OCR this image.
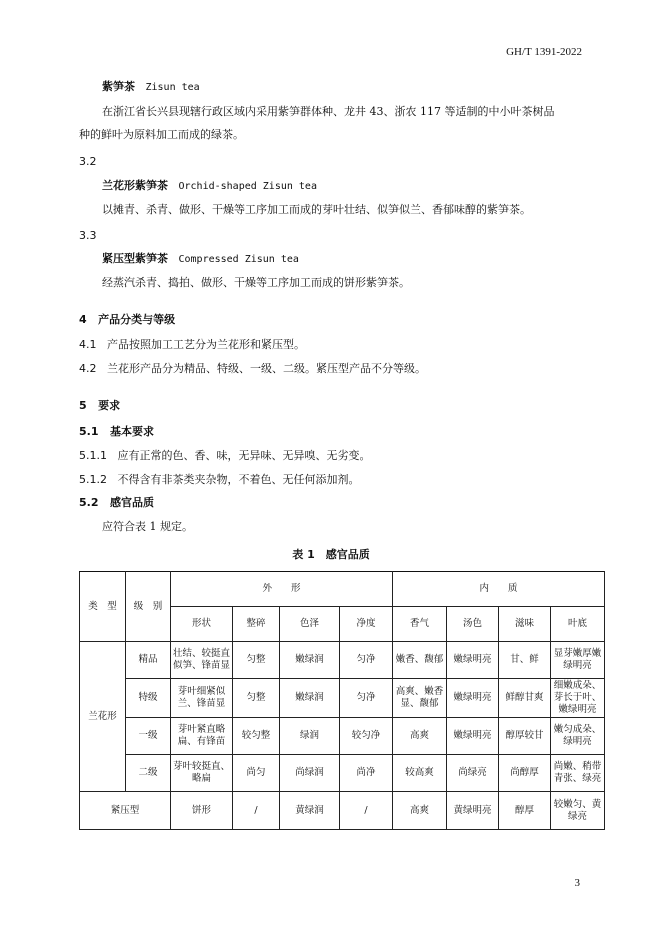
GH/T 1391-2022
紫笋茶 Zisun tea
在浙江省长兴县现辖行政区域内采用紫笋群体种、龙井 43、浙农 117 等适制的中小叶茶树品
种的鲜叶为原料加工而成的绿茶。
3.2
兰花形紫笋茶 Orchid-shaped Zisun tea
以摊青、杀青、做形、干燥等工序加工而成的芽叶壮结、似笋似兰、香郁味醇的紫笋茶。
3.3
紧压型紫笋茶 Compressed Zisun tea
经蒸汽杀青、捣拍、做形、干燥等工序加工而成的饼形紫笋茶。
4 产品分类与等级
4.1 产品按照加工工艺分为兰花形和紧压型。
4.2 兰花形产品分为精品、特级、一级、二级。紧压型产品不分等级。
5 要求
5.1 基本要求
5.1.1 应有正常的色、香、味，无异味、无异嗅、无劣变。
5.1.2 不得含有非茶类夹杂物，不着色、无任何添加剂。
5.2 感官品质
应符合表 1 规定。
表 1　感官品质
类　型	级　别	外　　形				内　　质			
		形状	整碎	色泽	净度	香气	汤色	滋味	叶底
兰花形	精品	壮结、较挺直似笋、锋苗显	匀整	嫩绿润	匀净	嫩香、馥郁	嫩绿明亮	甘、鲜	显芽嫩厚嫩绿明亮
	特级	芽叶细紧似兰、锋苗显	匀整	嫩绿润	匀净	高爽、嫩香显、馥郁	嫩绿明亮	鲜醇甘爽	细嫩成朵、芽长于叶、嫩绿明亮
	一级	芽叶紧直略扁、有锋苗	较匀整	绿润	较匀净	高爽	嫩绿明亮	醇厚较甘	嫩匀成朵、绿明亮
	二级	芽叶较挺直、略扁	尚匀	尚绿润	尚净	较高爽	尚绿亮	尚醇厚	尚嫩、稍带青张、绿亮
紧压型		饼形	/	黄绿润	/	高爽	黄绿明亮	醇厚	较嫩匀、黄绿亮
3
